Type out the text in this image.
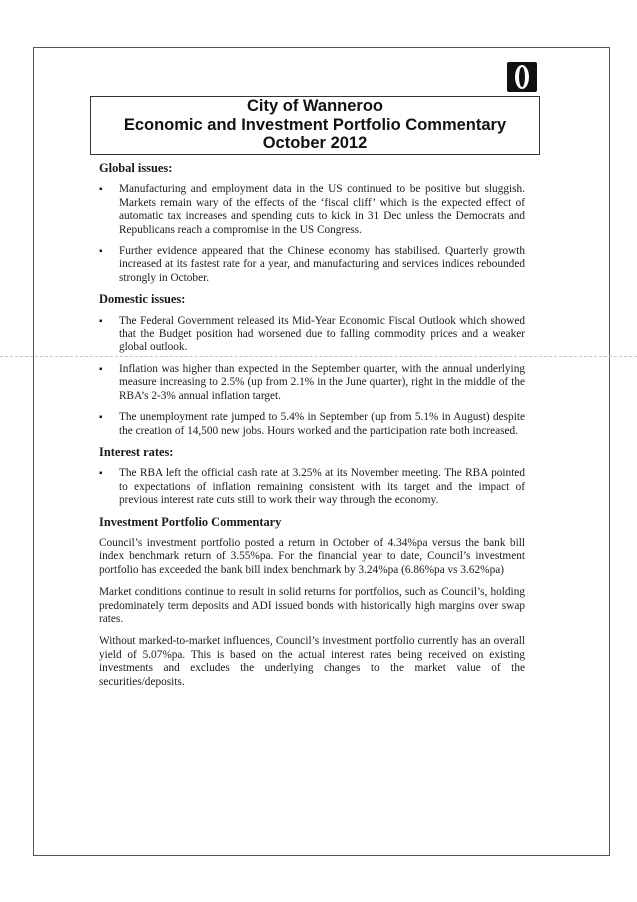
City of Wanneroo
Economic and Investment Portfolio Commentary
October 2012
Global issues:
▪ Manufacturing and employment data in the US continued to be positive but sluggish. Markets remain wary of the effects of the ‘fiscal cliff’ which is the expected effect of automatic tax increases and spending cuts to kick in 31 Dec unless the Democrats and Republicans reach a compromise in the US Congress.
▪ Further evidence appeared that the Chinese economy has stabilised. Quarterly growth increased at its fastest rate for a year, and manufacturing and services indices rebounded strongly in October.
Domestic issues:
▪ The Federal Government released its Mid-Year Economic Fiscal Outlook which showed that the Budget position had worsened due to falling commodity prices and a weaker global outlook.
▪ Inflation was higher than expected in the September quarter, with the annual underlying measure increasing to 2.5% (up from 2.1% in the June quarter), right in the middle of the RBA’s 2-3% annual inflation target.
▪ The unemployment rate jumped to 5.4% in September (up from 5.1% in August) despite the creation of 14,500 new jobs. Hours worked and the participation rate both increased.
Interest rates:
▪ The RBA left the official cash rate at 3.25% at its November meeting. The RBA pointed to expectations of inflation remaining consistent with its target and the impact of previous interest rate cuts still to work their way through the economy.
Investment Portfolio Commentary

Council’s investment portfolio posted a return in October of 4.34%pa versus the bank bill index benchmark return of 3.55%pa. For the financial year to date, Council’s investment portfolio has exceeded the bank bill index benchmark by 3.24%pa (6.86%pa vs 3.62%pa)

Market conditions continue to result in solid returns for portfolios, such as Council’s, holding predominately term deposits and ADI issued bonds with historically high margins over swap rates.

Without marked-to-market influences, Council’s investment portfolio currently has an overall yield of 5.07%pa. This is based on the actual interest rates being received on existing investments and excludes the underlying changes to the market value of the securities/deposits.
